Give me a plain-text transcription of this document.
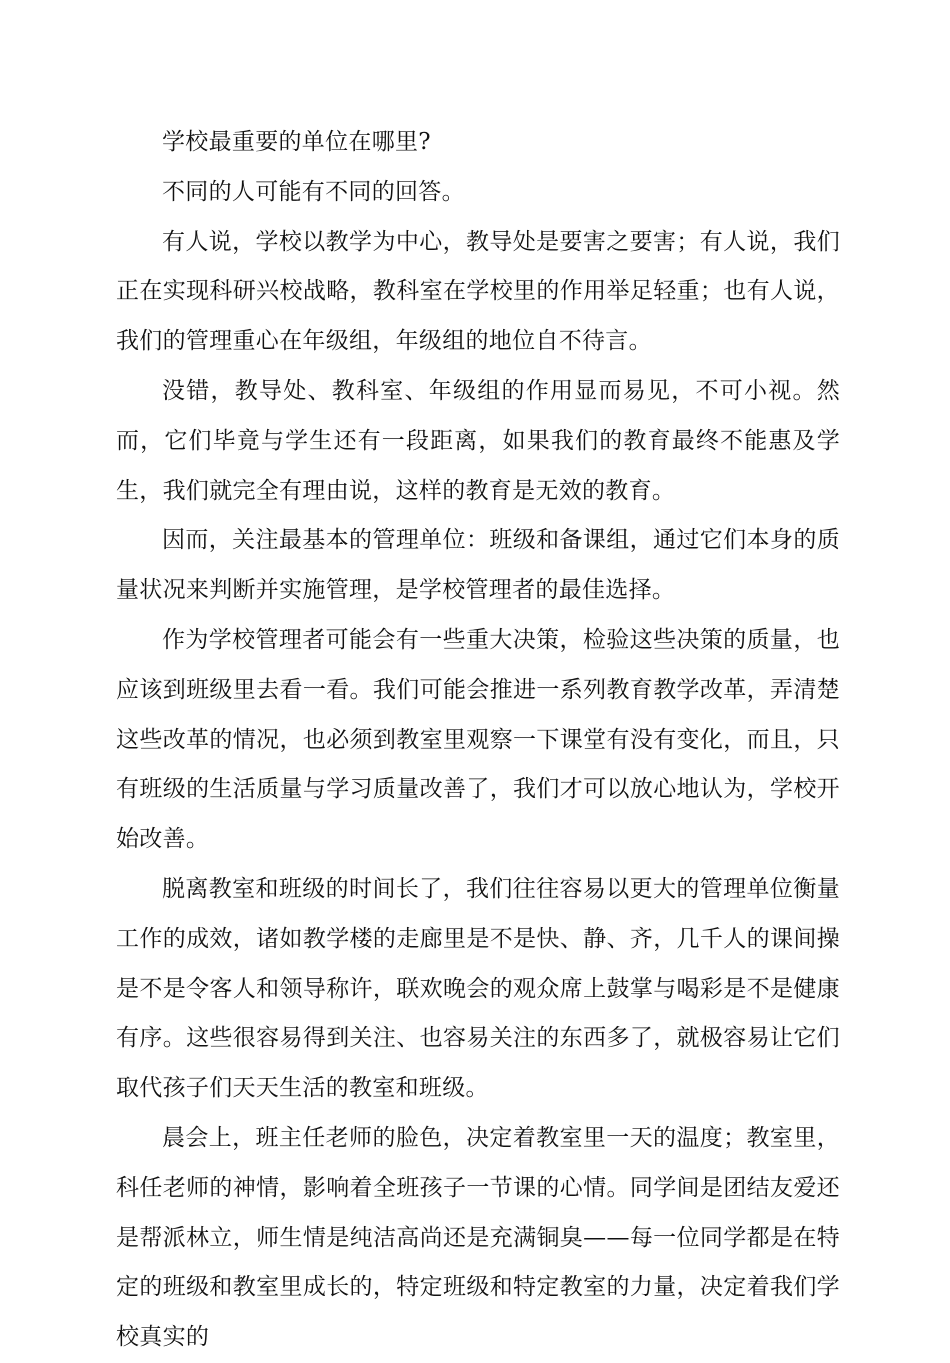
学校最重要的单位在哪里?

不同的人可能有不同的回答。

有人说，学校以教学为中心，教导处是要害之要害；有人说，我们正在实现科研兴校战略，教科室在学校里的作用举足轻重；也有人说，我们的管理重心在年级组，年级组的地位自不待言。

没错，教导处、教科室、年级组的作用显而易见，不可小视。然而，它们毕竟与学生还有一段距离，如果我们的教育最终不能惠及学生，我们就完全有理由说，这样的教育是无效的教育。

因而，关注最基本的管理单位：班级和备课组，通过它们本身的质量状况来判断并实施管理，是学校管理者的最佳选择。

作为学校管理者可能会有一些重大决策，检验这些决策的质量，也应该到班级里去看一看。我们可能会推进一系列教育教学改革，弄清楚这些改革的情况，也必须到教室里观察一下课堂有没有变化，而且，只有班级的生活质量与学习质量改善了，我们才可以放心地认为，学校开始改善。

脱离教室和班级的时间长了，我们往往容易以更大的管理单位衡量工作的成效，诸如教学楼的走廊里是不是快、静、齐，几千人的课间操是不是令客人和领导称许，联欢晚会的观众席上鼓掌与喝彩是不是健康有序。这些很容易得到关注、也容易关注的东西多了，就极容易让它们取代孩子们天天生活的教室和班级。

晨会上，班主任老师的脸色，决定着教室里一天的温度；教室里，科任老师的神情，影响着全班孩子一节课的心情。同学间是团结友爱还是帮派林立，师生情是纯洁高尚还是充满铜臭——每一位同学都是在特定的班级和教室里成长的，特定班级和特定教室的力量，决定着我们学校真实的
